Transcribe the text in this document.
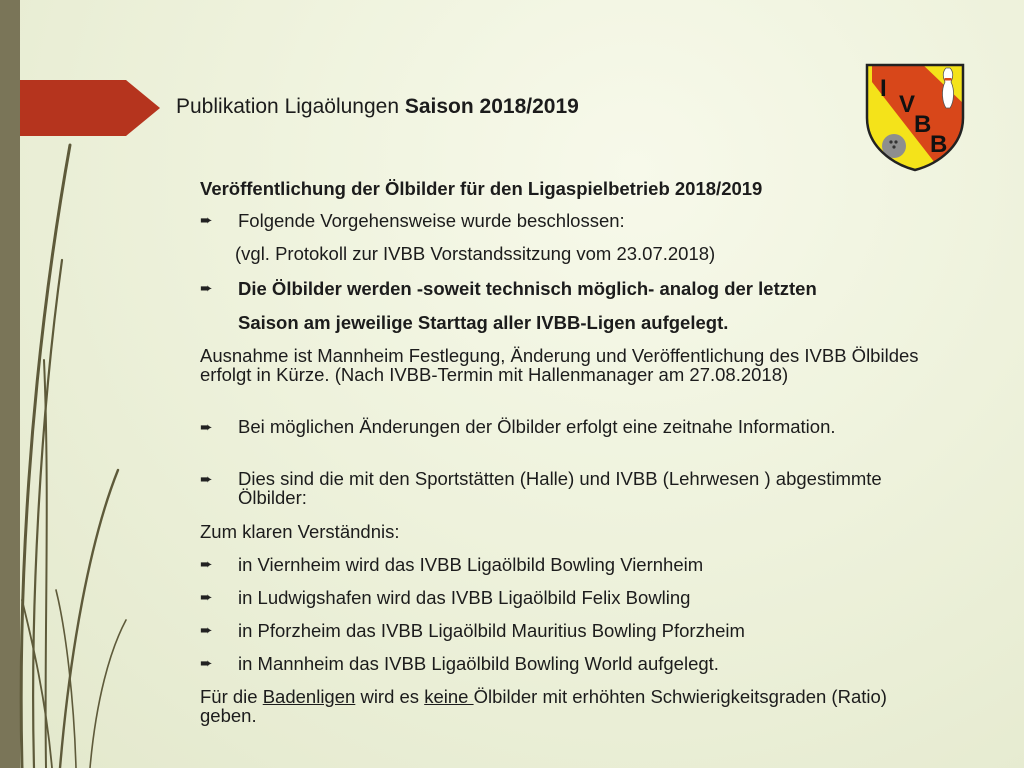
Publikation Ligaölungen Saison 2018/2019
I
V
B
B
Veröffentlichung der Ölbilder für den Ligaspielbetrieb 2018/2019
➨ Folgende Vorgehensweise wurde beschlossen:
(vgl. Protokoll zur IVBB Vorstandssitzung vom 23.07.2018)
➨ Die Ölbilder werden -soweit technisch möglich- analog der letzten
Saison am jeweilige Starttag aller IVBB-Ligen aufgelegt.
Ausnahme ist Mannheim Festlegung, Änderung und Veröffentlichung des IVBB Ölbildes erfolgt in Kürze. (Nach IVBB-Termin mit Hallenmanager am 27.08.2018)
➨ Bei möglichen Änderungen der Ölbilder erfolgt eine zeitnahe Information.
➨ Dies sind die mit den Sportstätten (Halle) und IVBB (Lehrwesen ) abgestimmte Ölbilder:
Zum klaren Verständnis:
➨ in Viernheim wird das IVBB Ligaölbild Bowling Viernheim
➨ in Ludwigshafen wird das IVBB Ligaölbild Felix Bowling
➨ in Pforzheim das IVBB Ligaölbild Mauritius Bowling Pforzheim
➨ in Mannheim das IVBB Ligaölbild Bowling World aufgelegt.
Für die Badenligen wird es keine Ölbilder mit erhöhten Schwierigkeitsgraden (Ratio) geben.
